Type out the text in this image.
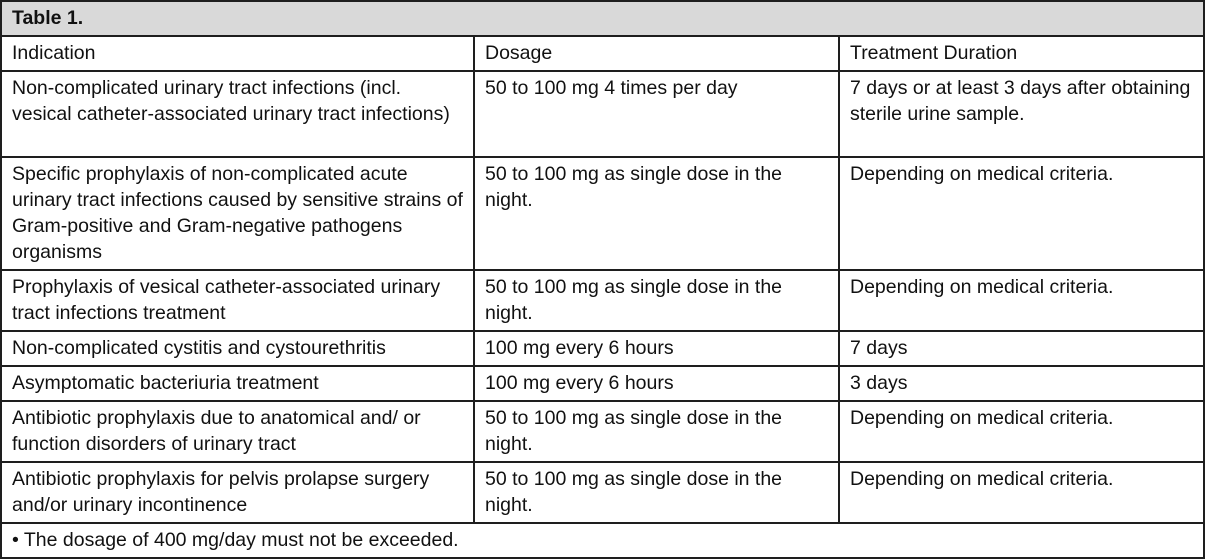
Table 1.		
Indication	Dosage	Treatment Duration
Non-complicated urinary tract infections (incl. vesical catheter-associated urinary tract infections)	50 to 100 mg 4 times per day	7 days or at least 3 days after obtaining sterile urine sample.
Specific prophylaxis of non-complicated acute urinary tract infections caused by sensitive strains of Gram-positive and Gram-negative pathogens organisms	50 to 100 mg as single dose in the night.	Depending on medical criteria.
Prophylaxis of vesical catheter-associated urinary tract infections treatment	50 to 100 mg as single dose in the night.	Depending on medical criteria.
Non-complicated cystitis and cystourethritis	100 mg every 6 hours	7 days
Asymptomatic bacteriuria treatment	100 mg every 6 hours	3 days
Antibiotic prophylaxis due to anatomical and/ or function disorders of urinary tract	50 to 100 mg as single dose in the night.	Depending on medical criteria.
Antibiotic prophylaxis for pelvis prolapse surgery and/or urinary incontinence	50 to 100 mg as single dose in the night.	Depending on medical criteria.
• The dosage of 400 mg/day must not be exceeded.		
